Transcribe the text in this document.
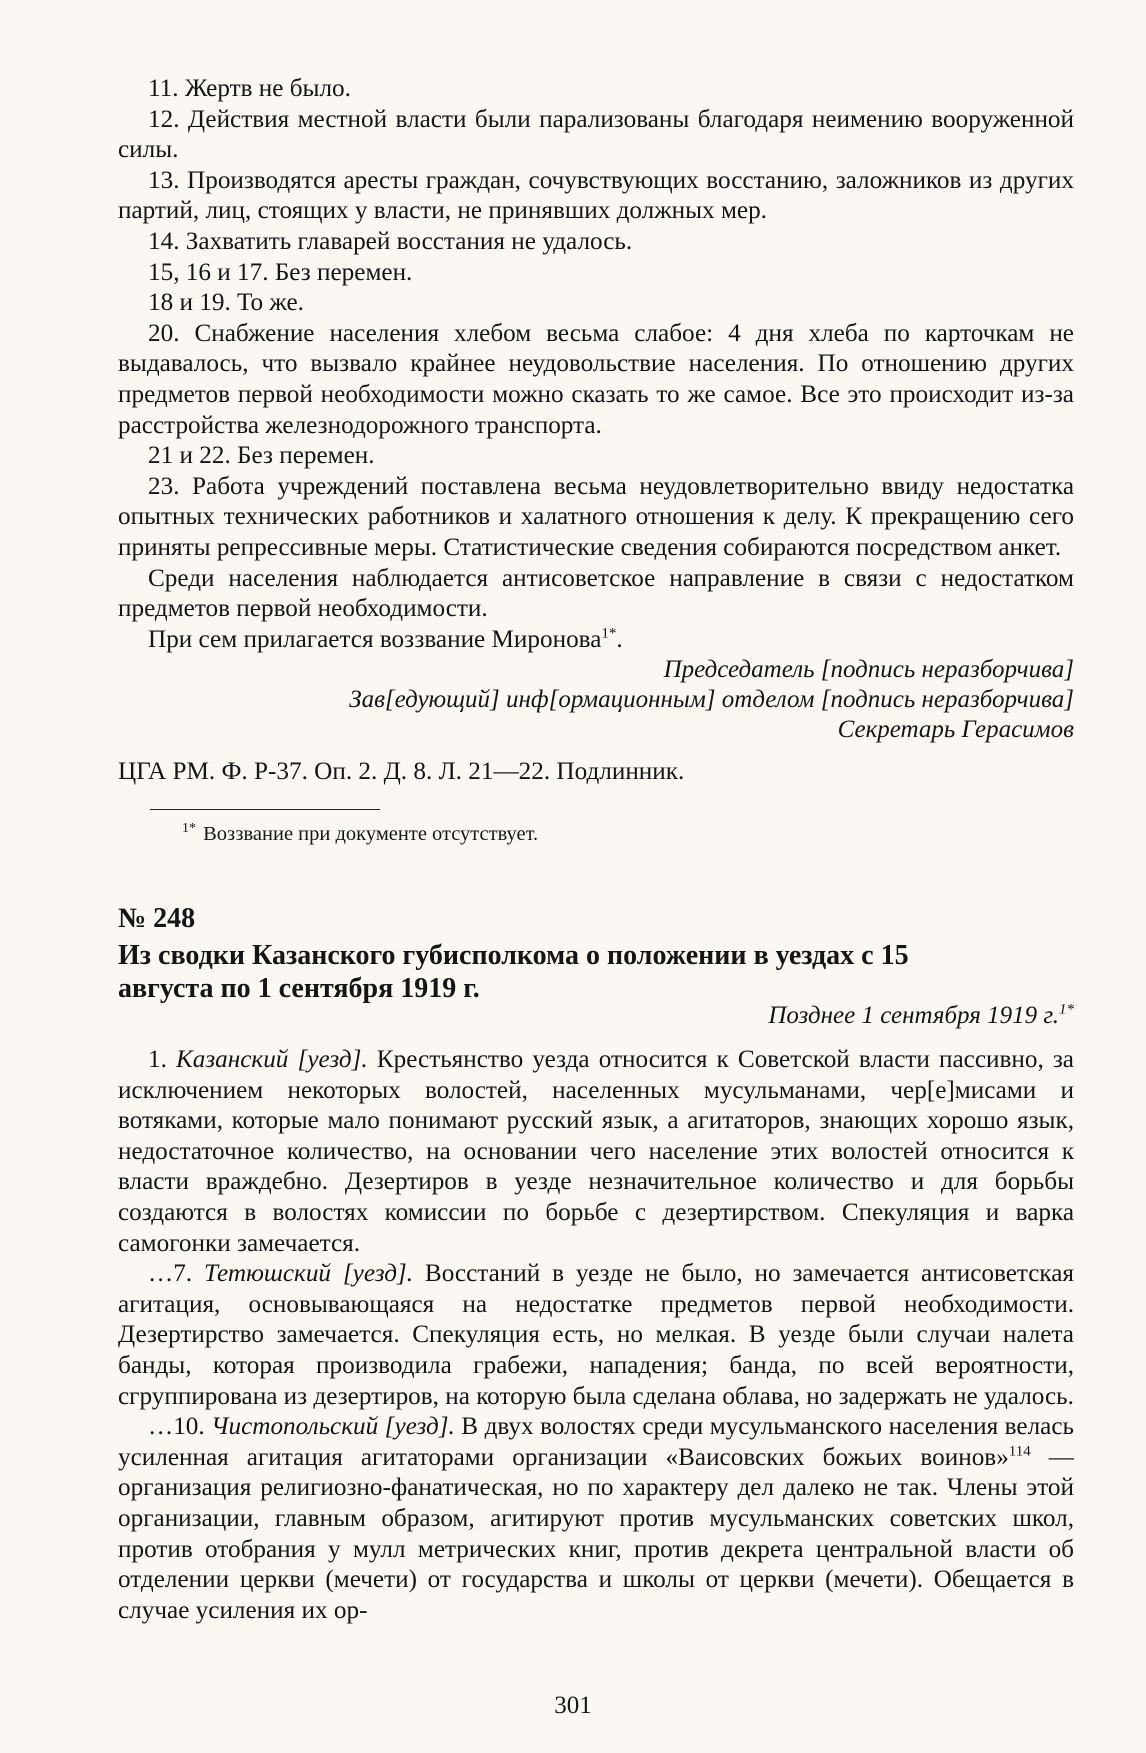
11. Жертв не было.

12. Действия местной власти были парализованы благодаря неимению вооруженной силы.

13. Производятся аресты граждан, сочувствующих восстанию, заложников из других партий, лиц, стоящих у власти, не принявших должных мер.

14. Захватить главарей восстания не удалось.

15, 16 и 17. Без перемен.

18 и 19. То же.

20. Снабжение населения хлебом весьма слабое: 4 дня хлеба по карточкам не выдавалось, что вызвало крайнее неудовольствие населения. По отношению других предметов первой необходимости можно сказать то же самое. Все это происходит из-за расстройства железнодорожного транспорта.

21 и 22. Без перемен.

23. Работа учреждений поставлена весьма неудовлетворительно ввиду недостатка опытных технических работников и халатного отношения к делу. К прекращению сего приняты репрессивные меры. Статистические сведения собираются посредством анкет.

Среди населения наблюдается антисоветское направление в связи с недостатком предметов первой необходимости.

При сем прилагается воззвание Миронова$^{1*}$.

Председатель [подпись неразборчива]

Зав[едующий] инф[ормационным] отделом [подпись неразборчива]

Секретарь Герасимов

ЦГА РМ. Ф. Р-37. Оп. 2. Д. 8. Л. 21—22. Подлинник.

$^{1*}$ Воззвание при документе отсутствует.

№ 248
Из сводки Казанского губисполкома о положении в уездах с 15 августа по 1 сентября 1919 г.
Позднее 1 сентября 1919 г.$^{1*}$

1. Казанский [уезд]. Крестьянство уезда относится к Советской власти пассивно, за исключением некоторых волостей, населенных мусульманами, чер[е]мисами и вотяками, которые мало понимают русский язык, а агитаторов, знающих хорошо язык, недостаточное количество, на основании чего население этих волостей относится к власти враждебно. Дезертиров в уезде незначительное количество и для борьбы создаются в волостях комиссии по борьбе с дезертирством. Спекуляция и варка самогонки замечается.

…7. Тетюшский [уезд]. Восстаний в уезде не было, но замечается антисоветская агитация, основывающаяся на недостатке предметов первой необходимости. Дезертирство замечается. Спекуляция есть, но мелкая. В уезде были случаи налета банды, которая производила грабежи, нападения; банда, по всей вероятности, сгруппирована из дезертиров, на которую была сделана облава, но задержать не удалось.

…10. Чистопольский [уезд]. В двух волостях среди мусульманского населения велась усиленная агитация агитаторами организации «Ваисовских божьих воинов»$^{114}$ — организация религиозно-фанатическая, но по характеру дел далеко не так. Члены этой организации, главным образом, агитируют против мусульманских советских школ, против отобрания у мулл метрических книг, против декрета центральной власти об отделении церкви (мечети) от государства и школы от церкви (мечети). Обещается в случае усиления их ор-

301
